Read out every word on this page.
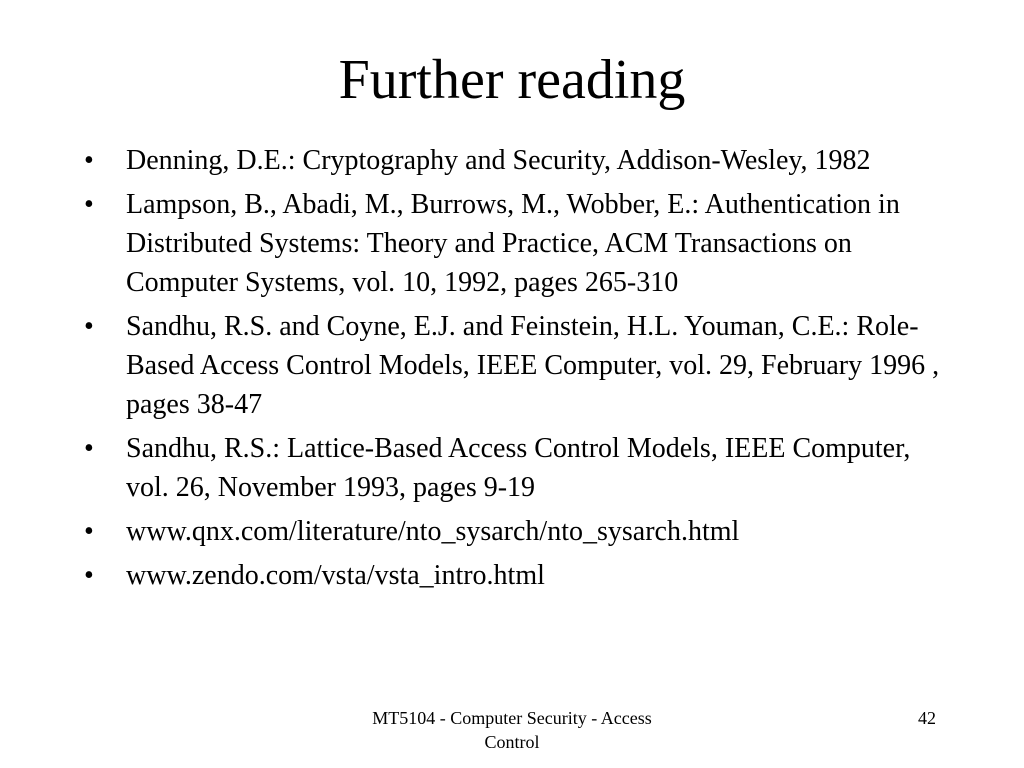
Further reading
•	Denning, D.E.: Cryptography and Security, Addison-Wesley, 1982
•	Lampson, B., Abadi, M., Burrows, M., Wobber, E.: Authentication in Distributed Systems: Theory and Practice, ACM Transactions on Computer Systems, vol. 10, 1992, pages 265-310
•	Sandhu, R.S. and Coyne, E.J. and Feinstein, H.L. Youman, C.E.: Role-Based Access Control Models, IEEE Computer, vol. 29, February 1996 , pages 38-47
•	Sandhu, R.S.: Lattice-Based Access Control Models, IEEE Computer, vol. 26, November 1993, pages 9-19
•	www.qnx.com/literature/nto_sysarch/nto_sysarch.html
•	www.zendo.com/vsta/vsta_intro.html
MT5104 - Computer Security - Access Control
42
